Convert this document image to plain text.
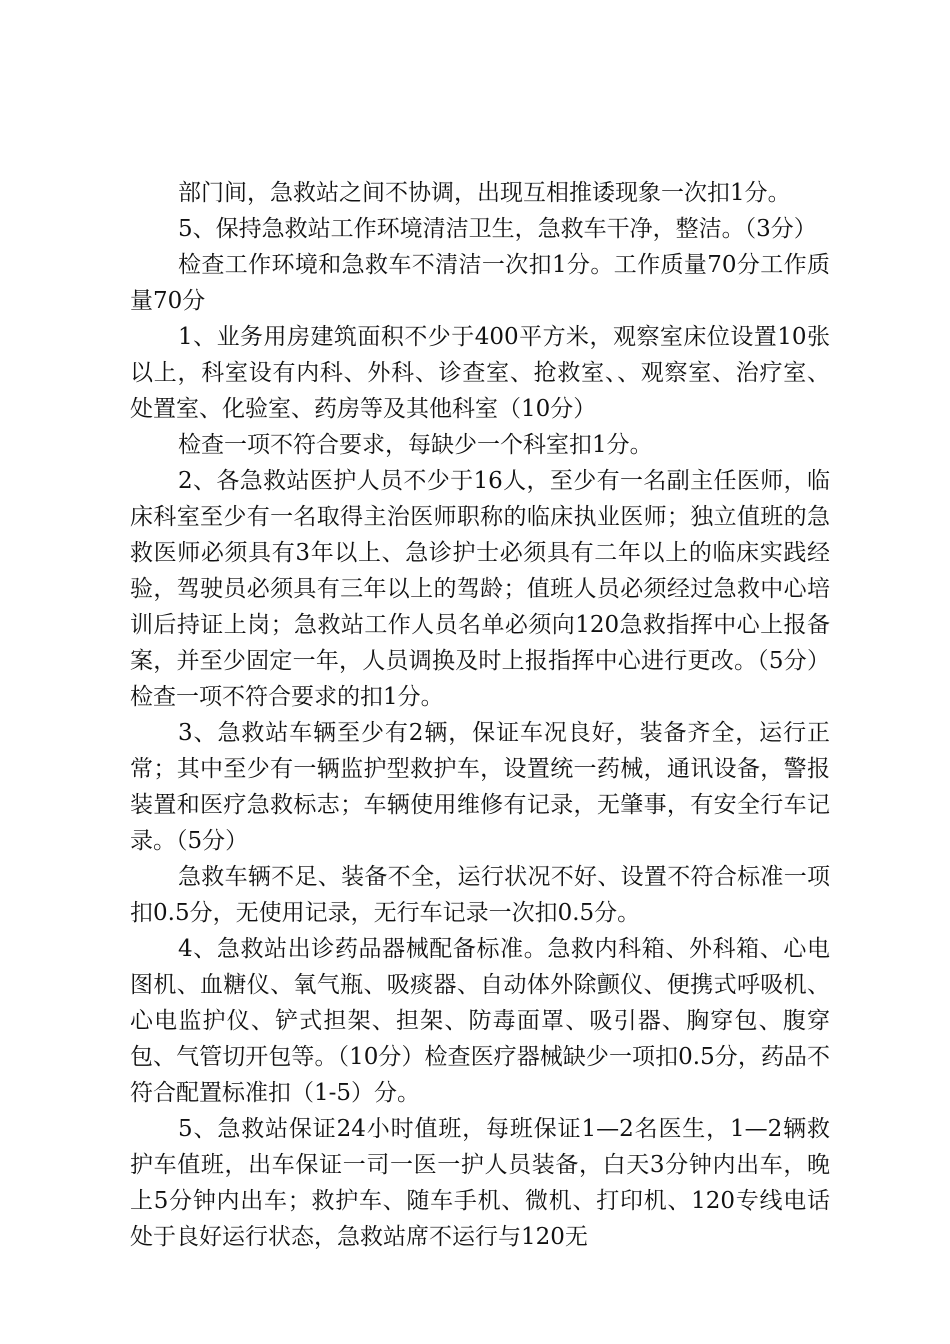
部门间，急救站之间不协调，出现互相推诿现象一次扣1分。

5、保持急救站工作环境清洁卫生，急救车干净，整洁。（3分）

检查工作环境和急救车不清洁一次扣1分。工作质量70分工作质量70分

1、业务用房建筑面积不少于400平方米，观察室床位设置10张以上，科室设有内科、外科、诊查室、抢救室、、观察室、治疗室、处置室、化验室、药房等及其他科室（10分）

检查一项不符合要求，每缺少一个科室扣1分。

2、各急救站医护人员不少于16人，至少有一名副主任医师，临床科室至少有一名取得主治医师职称的临床执业医师；独立值班的急救医师必须具有3年以上、急诊护士必须具有二年以上的临床实践经验，驾驶员必须具有三年以上的驾龄；值班人员必须经过急救中心培训后持证上岗；急救站工作人员名单必须向120急救指挥中心上报备案，并至少固定一年，人员调换及时上报指挥中心进行更改。（5分）检查一项不符合要求的扣1分。

3、急救站车辆至少有2辆，保证车况良好，装备齐全，运行正常；其中至少有一辆监护型救护车，设置统一药械，通讯设备，警报装置和医疗急救标志；车辆使用维修有记录，无肇事，有安全行车记录。（5分）

急救车辆不足、装备不全，运行状况不好、设置不符合标准一项扣0.5分，无使用记录，无行车记录一次扣0.5分。

4、急救站出诊药品器械配备标准。急救内科箱、外科箱、心电图机、血糖仪、氧气瓶、吸痰器、自动体外除颤仪、便携式呼吸机、心电监护仪、铲式担架、担架、防毒面罩、吸引器、胸穿包、腹穿包、气管切开包等。（10分）检查医疗器械缺少一项扣0.5分，药品不符合配置标准扣（1-5）分。

5、急救站保证24小时值班，每班保证1—2名医生，1—2辆救护车值班，出车保证一司一医一护人员装备，白天3分钟内出车，晚上5分钟内出车；救护车、随车手机、微机、打印机、120专线电话处于良好运行状态，急救站席不运行与120无
